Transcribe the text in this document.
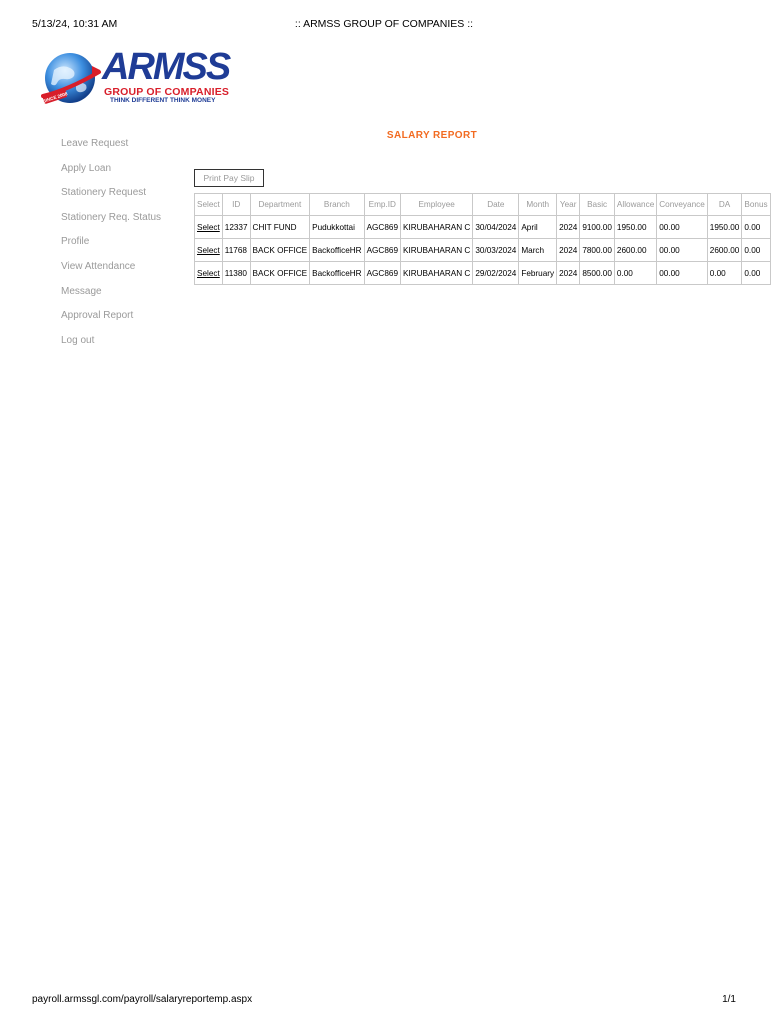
5/13/24, 10:31 AM	:: ARMSS GROUP OF COMPANIES ::
SINCE 2008
ARMSS
GROUP OF COMPANIES
THINK DIFFERENT THINK MONEY
Leave Request
Apply Loan
Stationery Request
Stationery Req. Status
Profile
View Attendance
Message
Approval Report
Log out
SALARY REPORT
Print Pay Slip
Select	ID	Department	Branch	Emp.ID	Employee	Date	Month	Year	Basic	Allowance	Conveyance	DA	Bonus
Select	12337	CHIT FUND	Pudukkottai	AGC869	KIRUBAHARAN C	30/04/2024	April	2024	9100.00	1950.00	00.00	1950.00	0.00
Select	11768	BACK OFFICE	BackofficeHR	AGC869	KIRUBAHARAN C	30/03/2024	March	2024	7800.00	2600.00	00.00	2600.00	0.00
Select	11380	BACK OFFICE	BackofficeHR	AGC869	KIRUBAHARAN C	29/02/2024	February	2024	8500.00	0.00	00.00	0.00	0.00
payroll.armssgl.com/payroll/salaryreportemp.aspx	1/1
